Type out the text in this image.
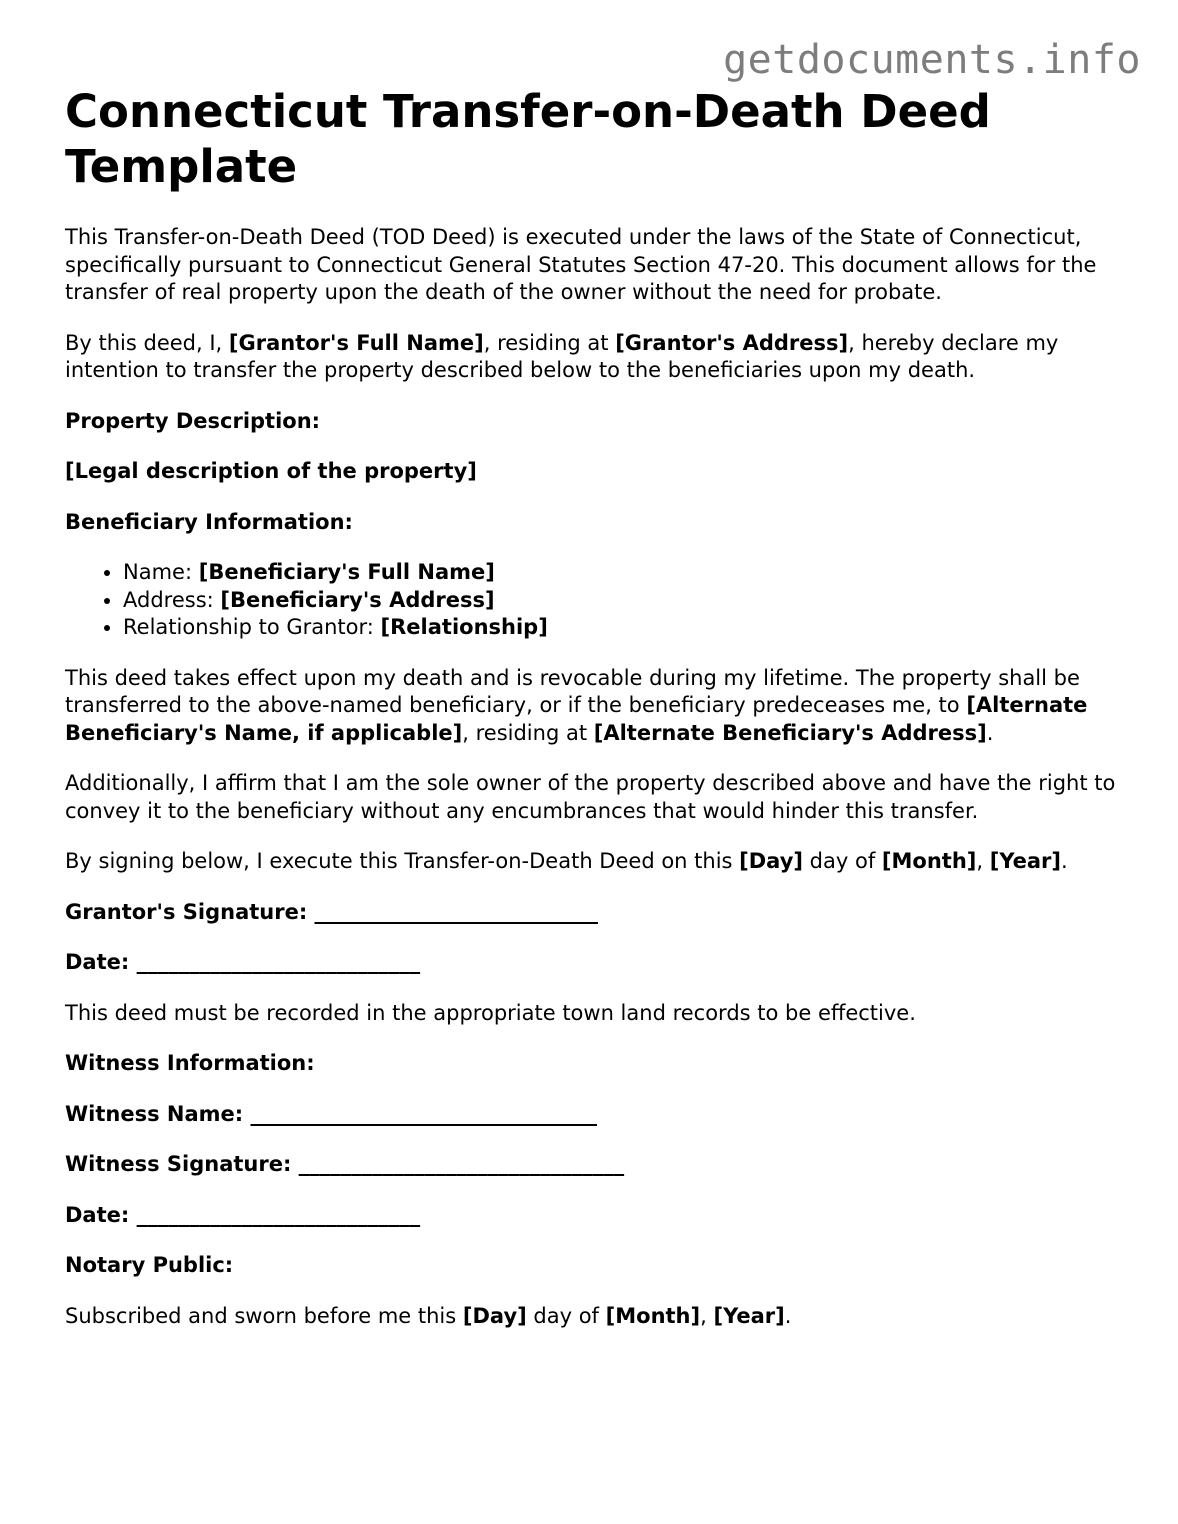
getdocuments.info
Connecticut Transfer-on-Death Deed Template

This Transfer-on-Death Deed (TOD Deed) is executed under the laws of the State of Connecticut, specifically pursuant to Connecticut General Statutes Section 47-20. This document allows for the transfer of real property upon the death of the owner without the need for probate.

By this deed, I, [Grantor's Full Name], residing at [Grantor's Address], hereby declare my intention to transfer the property described below to the beneficiaries upon my death.

Property Description:

[Legal description of the property]

Beneficiary Information:

• Name: [Beneficiary's Full Name]
• Address: [Beneficiary's Address]
• Relationship to Grantor: [Relationship]

This deed takes effect upon my death and is revocable during my lifetime. The property shall be transferred to the above-named beneficiary, or if the beneficiary predeceases me, to [Alternate Beneficiary's Name, if applicable], residing at [Alternate Beneficiary's Address].

Additionally, I affirm that I am the sole owner of the property described above and have the right to convey it to the beneficiary without any encumbrances that would hinder this transfer.

By signing below, I execute this Transfer-on-Death Deed on this [Day] day of [Month], [Year].

Grantor's Signature: ___________________________

Date: ___________________________

This deed must be recorded in the appropriate town land records to be effective.

Witness Information:

Witness Name: _________________________________

Witness Signature: _______________________________

Date: ___________________________

Notary Public:

Subscribed and sworn before me this [Day] day of [Month], [Year].
